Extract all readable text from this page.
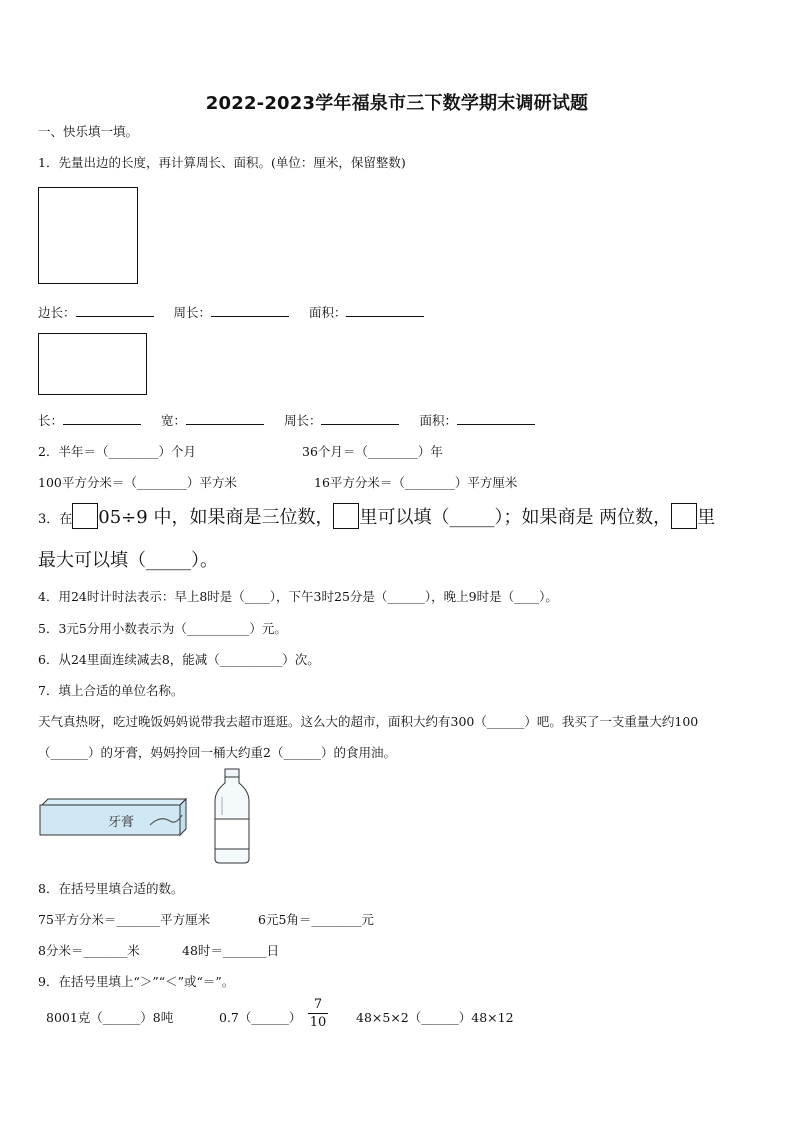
2022-2023学年福泉市三下数学期末调研试题
一、快乐填一填。
1．先量出边的长度，再计算周长、面积。(单位：厘米，保留整数)
边长：	周长：	面积：
长：	宽：	周长：	面积：
2．半年＝（________）个月	36个月＝（________）年
100平方分米＝（________）平方米	16平方分米＝（________）平方厘米
3．在 05÷9 中，如果商是三位数， 里可以填（_____）；如果商是 两位数， 里
最大可以填（_____）。
4．用24时计时法表示：早上8时是（____），下午3时25分是（______），晚上9时是（____）。
5．3元5分用小数表示为（__________）元。
6．从24里面连续减去8，能减（__________）次。
7．填上合适的单位名称。
天气真热呀，吃过晚饭妈妈说带我去超市逛逛。这么大的超市，面积大约有300（______）吧。我买了一支重量大约100
（______）的牙膏，妈妈拎回一桶大约重2（______）的食用油。
牙膏
8．在括号里填合适的数。
75平方分米＝_______平方厘米	6元5角＝________元
8分米＝_______米	48时＝_______日
9．在括号里填上“＞”“＜”或“＝”。
8001克（______）8吨	0.7（______）
7
10 48×5×2（______）48×12
